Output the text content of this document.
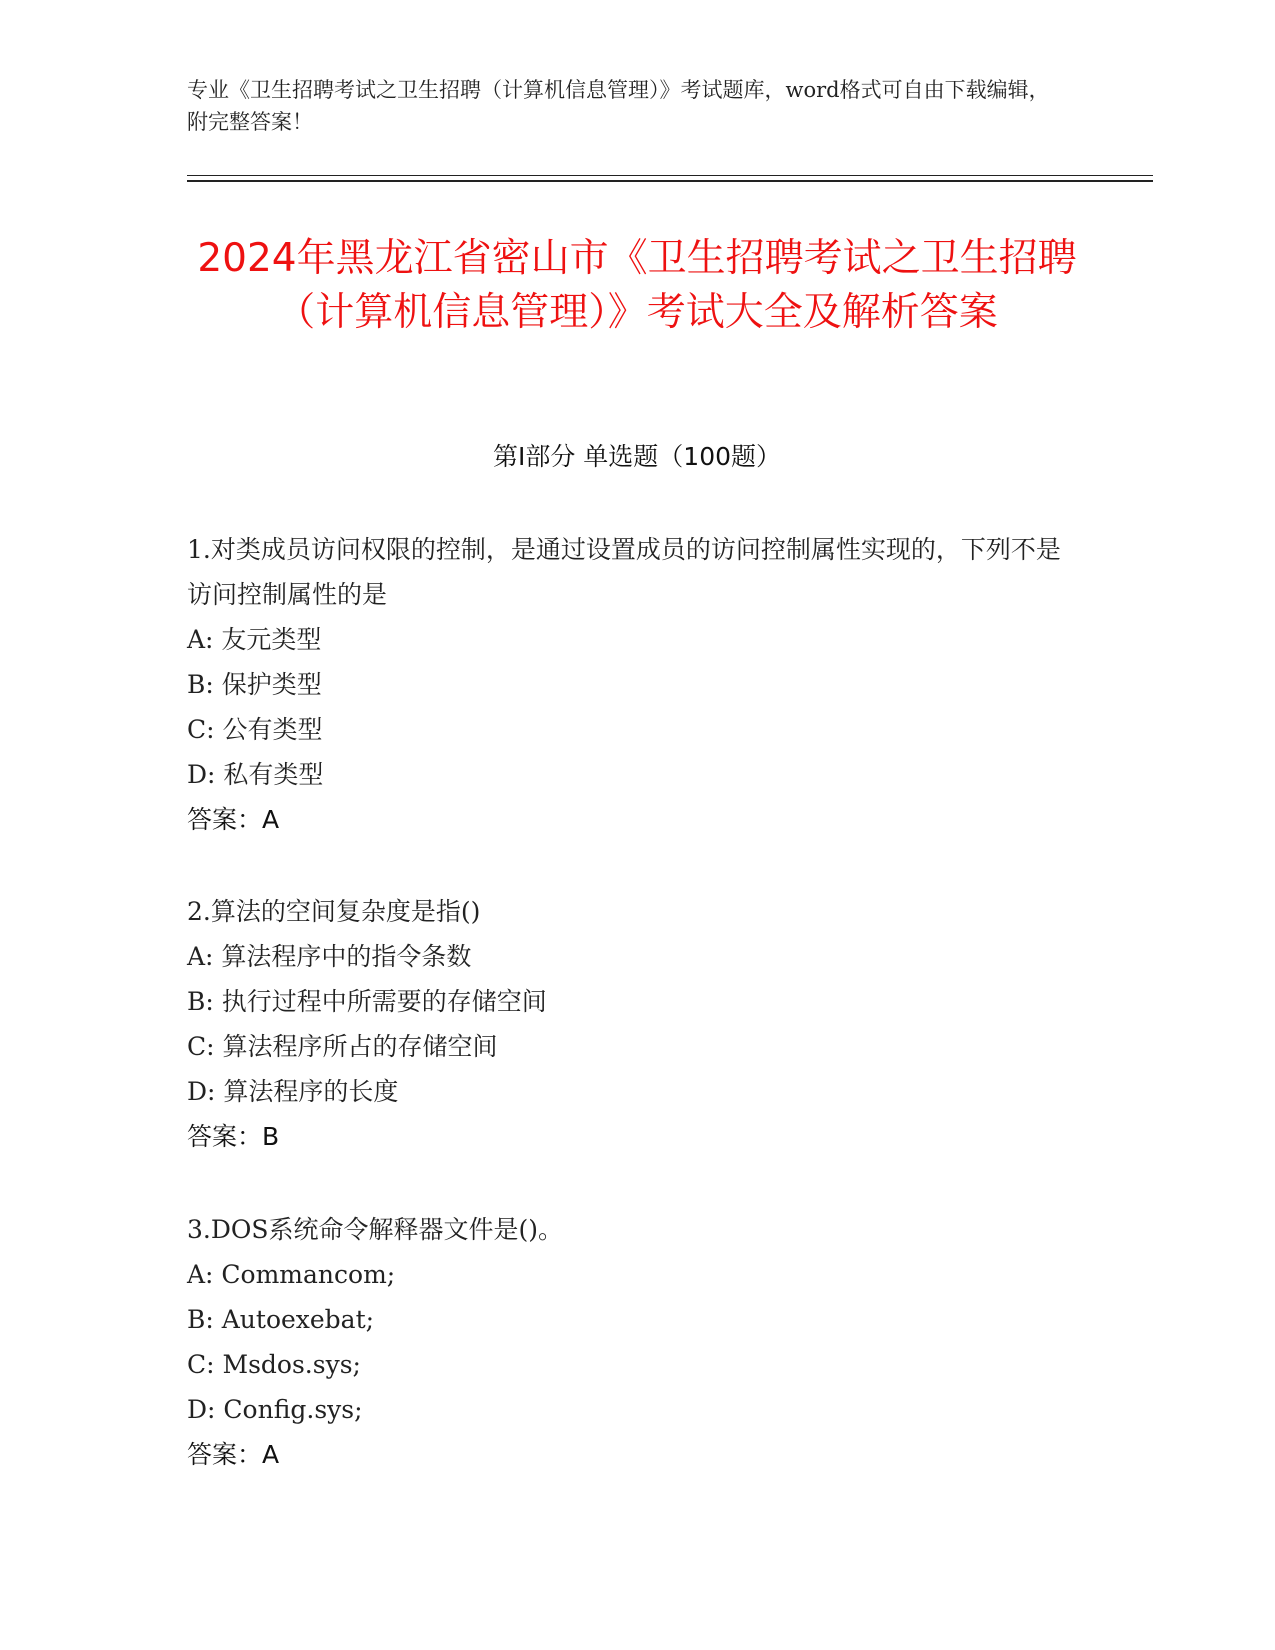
专业《卫生招聘考试之卫生招聘（计算机信息管理）》考试题库，word格式可自由下载编辑，附完整答案！
2024年黑龙江省密山市《卫生招聘考试之卫生招聘（计算机信息管理）》考试大全及解析答案
第Ⅰ部分 单选题（100题）
1.对类成员访问权限的控制，是通过设置成员的访问控制属性实现的，下列不是访问控制属性的是
A: 友元类型
B: 保护类型
C: 公有类型
D: 私有类型
答案：A
2.算法的空间复杂度是指()
A: 算法程序中的指令条数
B: 执行过程中所需要的存储空间
C: 算法程序所占的存储空间
D: 算法程序的长度
答案：B
3.DOS系统命令解释器文件是()。
A: Commancom;
B: Autoexebat;
C: Msdos.sys;
D: Config.sys;
答案：A
